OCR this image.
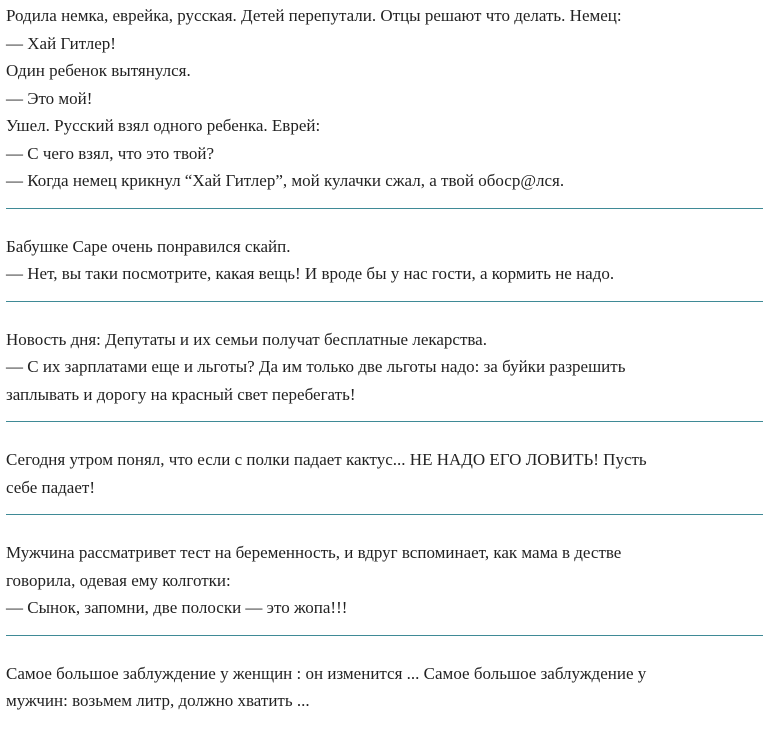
Родила немка, еврейка, русская. Детей перепутали. Отцы решают что делать. Немец:
— Хай Гитлер!
Один ребенок вытянулся.
— Это мой!
Ушел. Русский взял одного ребенка. Еврей:
— С чего взял, что это твой?
— Когда немец крикнул “Хай Гитлер”, мой кулачки сжал, а твой обоср@лся.
Бабушке Саре очень понравился скайп.
— Нет, вы таки посмотрите, какая вещь! И вроде бы у нас гости, а кормить не надо.
Новость дня: Депутаты и их семьи получат бесплатные лекарства.
— С их зарплатами еще и льготы? Да им только две льготы надо: за буйки разрешить
заплывать и дорогу на красный свет перебегать!
Сегодня утром понял, что если с полки падает кактус... НЕ НАДО ЕГО ЛОВИТЬ! Пусть
себе падает!
Мужчина рассматривет тест на беременность, и вдруг вспоминает, как мама в дестве
говорила, одевая ему колготки:
— Сынок, запомни, две полоски — это жопа!!!
Самое большое заблуждение у женщин : он изменится ... Самое большое заблуждение у
мужчин: возьмем литр, должно хватить ...
